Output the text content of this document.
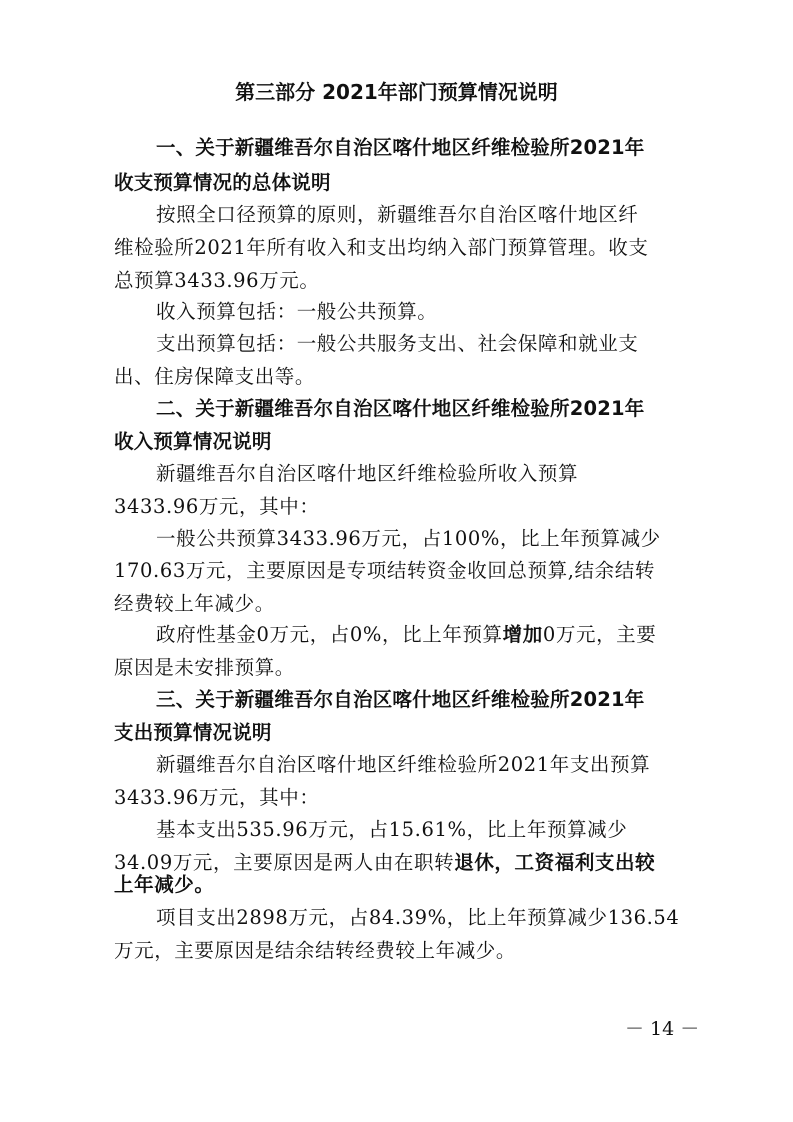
第三部分 2021年部门预算情况说明
一、关于新疆维吾尔自治区喀什地区纤维检验所2021年
收支预算情况的总体说明
按照全口径预算的原则，新疆维吾尔自治区喀什地区纤
维检验所2021年所有收入和支出均纳入部门预算管理。收支
总预算3433.96万元。
收入预算包括：一般公共预算。
支出预算包括：一般公共服务支出、社会保障和就业支
出、住房保障支出等。
二、关于新疆维吾尔自治区喀什地区纤维检验所2021年
收入预算情况说明
新疆维吾尔自治区喀什地区纤维检验所收入预算
3433.96万元，其中：
一般公共预算3433.96万元，占100%，比上年预算减少
170.63万元，主要原因是专项结转资金收回总预算,结余结转
经费较上年减少。
政府性基金0万元，占0%，比上年预算增加0万元，主要
原因是未安排预算。
三、关于新疆维吾尔自治区喀什地区纤维检验所2021年
支出预算情况说明
新疆维吾尔自治区喀什地区纤维检验所2021年支出预算
3433.96万元，其中：
基本支出535.96万元，占15.61%，比上年预算减少
34.09万元，主要原因是两人由在职转退休，工资福利支出较
上年减少。
项目支出2898万元，占84.39%，比上年预算减少136.54
万元，主要原因是结余结转经费较上年减少。
－ 14 －
